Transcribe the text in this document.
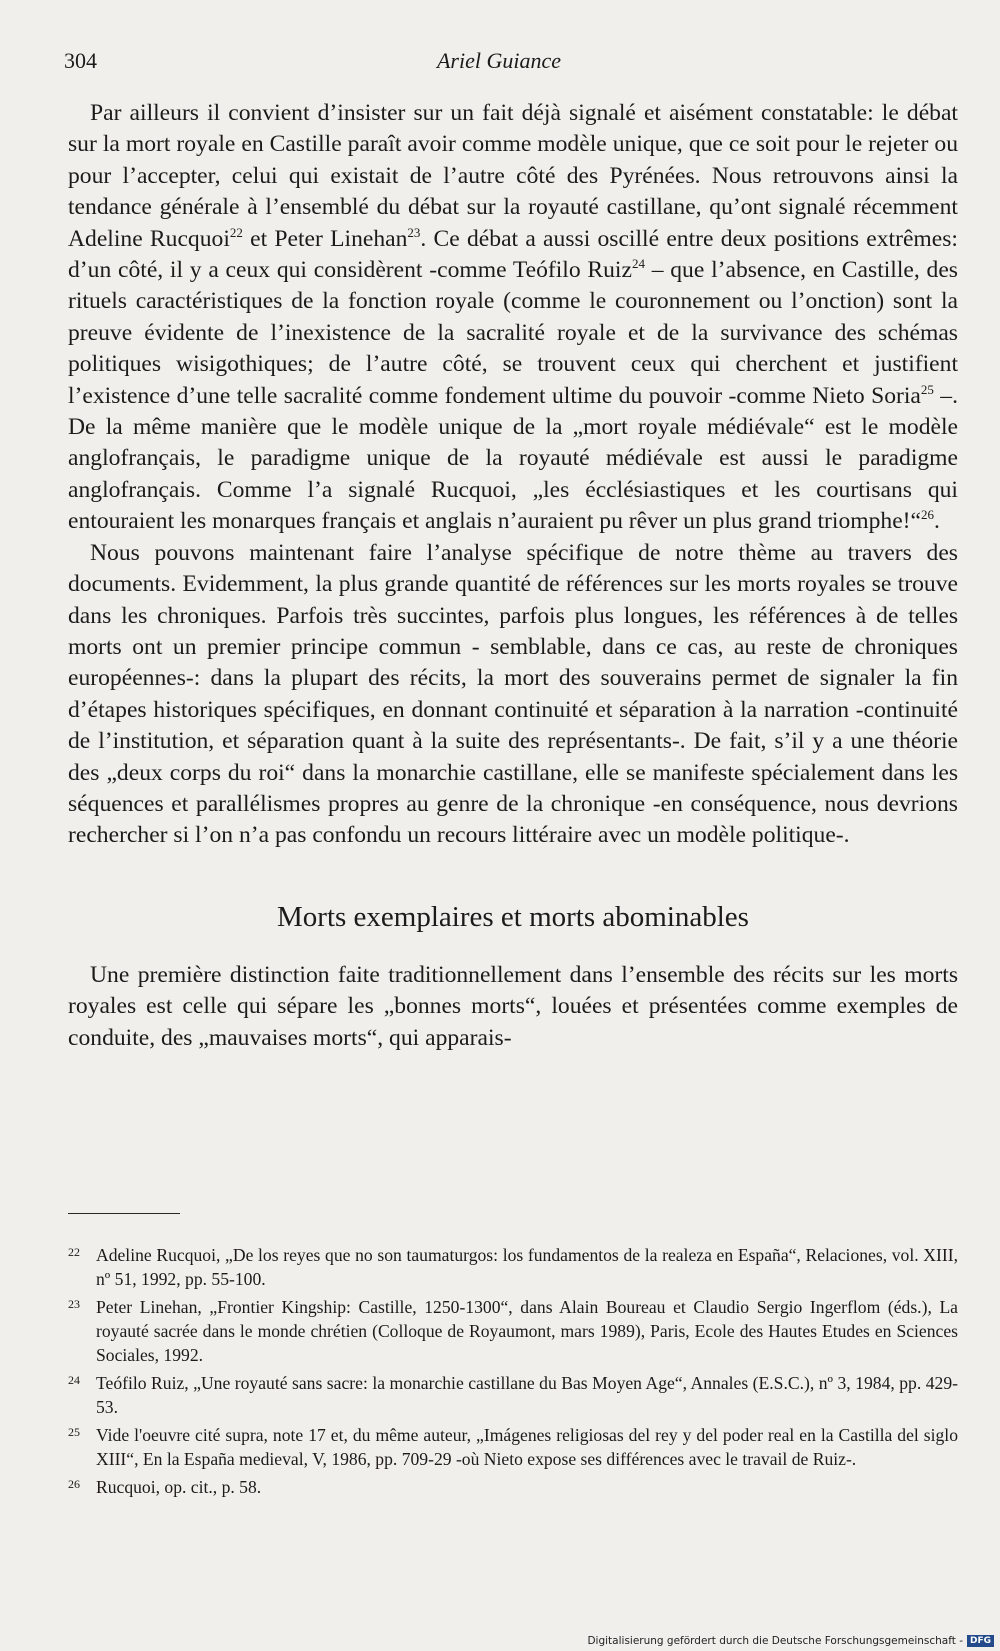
304	Ariel Guiance

Par ailleurs il convient d’insister sur un fait déjà signalé et aisément constatable: le débat sur la mort royale en Castille paraît avoir comme modèle unique, que ce soit pour le rejeter ou pour l’accepter, celui qui existait de l’autre côté des Pyrénées. Nous retrouvons ainsi la tendance générale à l’ensemblé du débat sur la royauté castillane, qu’ont signalé récemment Adeline Rucquoi$^{22}$ et Peter Linehan$^{23}$. Ce débat a aussi oscillé entre deux positions extrêmes: d’un côté, il y a ceux qui considèrent -comme Teófilo Ruiz$^{24}$ – que l’absence, en Castille, des rituels caractéristiques de la fonction royale (comme le couronnement ou l’onction) sont la preuve évidente de l’inexistence de la sacralité royale et de la survivance des schémas politiques wisigothiques; de l’autre côté, se trouvent ceux qui cherchent et justifient l’existence d’une telle sacralité comme fondement ultime du pouvoir -comme Nieto Soria$^{25}$ –. De la même manière que le modèle unique de la „mort royale médiévale“ est le modèle anglofrançais, le paradigme unique de la royauté médiévale est aussi le paradigme anglofrançais. Comme l’a signalé Rucquoi, „les écclésiastiques et les courtisans qui entouraient les monarques français et anglais n’auraient pu rêver un plus grand triomphe!“$^{26}$.

Nous pouvons maintenant faire l’analyse spécifique de notre thème au travers des documents. Evidemment, la plus grande quantité de références sur les morts royales se trouve dans les chroniques. Parfois très succintes, parfois plus longues, les références à de telles morts ont un premier principe commun - semblable, dans ce cas, au reste de chroniques européennes-: dans la plupart des récits, la mort des souverains permet de signaler la fin d’étapes historiques spécifiques, en donnant continuité et séparation à la narration -continuité de l’institution, et séparation quant à la suite des représentants-. De fait, s’il y a une théorie des „deux corps du roi“ dans la monarchie castillane, elle se manifeste spécialement dans les séquences et parallélismes propres au genre de la chronique -en conséquence, nous devrions rechercher si l’on n’a pas confondu un recours littéraire avec un modèle politique-.

Morts exemplaires et morts abominables

Une première distinction faite traditionnellement dans l’ensemble des récits sur les morts royales est celle qui sépare les „bonnes morts“, louées et présentées comme exemples de conduite, des „mauvaises morts“, qui apparais-

22 Adeline Rucquoi, „De los reyes que no son taumaturgos: los fundamentos de la realeza en España“, Relaciones, vol. XIII, nº 51, 1992, pp. 55-100.

23 Peter Linehan, „Frontier Kingship: Castille, 1250-1300“, dans Alain Boureau et Claudio Sergio Ingerflom (éds.), La royauté sacrée dans le monde chrétien (Colloque de Royaumont, mars 1989), Paris, Ecole des Hautes Etudes en Sciences Sociales, 1992.

24 Teófilo Ruiz, „Une royauté sans sacre: la monarchie castillane du Bas Moyen Age“, Annales (E.S.C.), nº 3, 1984, pp. 429-53.

25 Vide l'oeuvre cité supra, note 17 et, du même auteur, „Imágenes religiosas del rey y del poder real en la Castilla del siglo XIII“, En la España medieval, V, 1986, pp. 709-29 -où Nieto expose ses différences avec le travail de Ruiz-.

26 Rucquoi, op. cit., p. 58.

Digitalisierung gefördert durch die Deutsche Forschungsgemeinschaft - DFG
